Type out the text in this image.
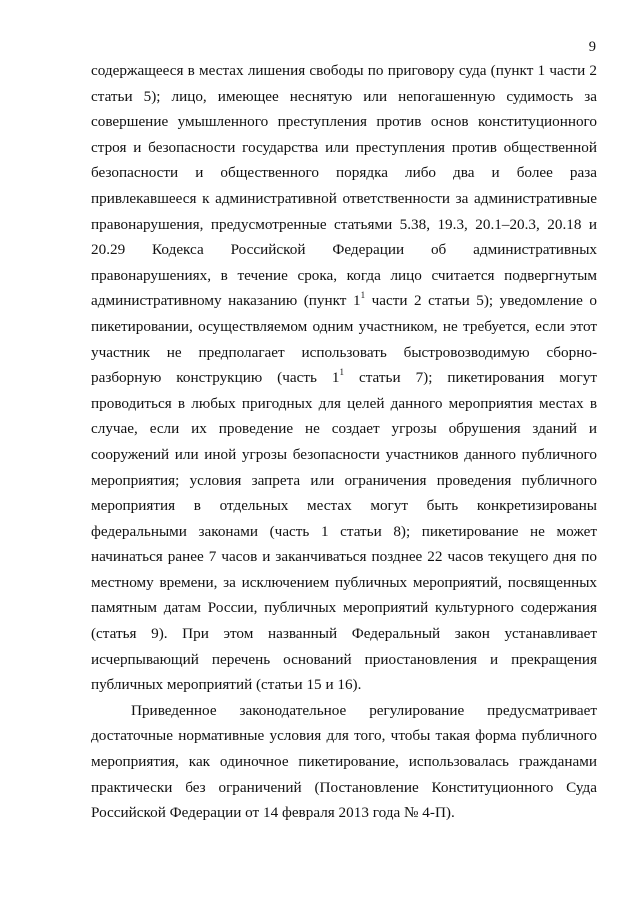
9
содержащееся в местах лишения свободы по приговору суда (пункт 1 части 2
статьи 5); лицо, имеющее неснятую или непогашенную судимость за
совершение умышленного преступления против основ конституционного
строя и безопасности государства или преступления против общественной
безопасности и общественного порядка либо два и более раза
привлекавшееся к административной ответственности за административные
правонарушения, предусмотренные статьями 5.38, 19.3, 20.1–20.3, 20.18 и
20.29 Кодекса Российской Федерации об административных
правонарушениях, в течение срока, когда лицо считается подвергнутым
административному наказанию (пункт $1^1$ части 2 статьи 5); уведомление о
пикетировании, осуществляемом одним участником, не требуется, если этот
участник не предполагает использовать быстровозводимую сборно-
разборную конструкцию (часть $1^1$ статьи 7); пикетирования могут
проводиться в любых пригодных для целей данного мероприятия местах в
случае, если их проведение не создает угрозы обрушения зданий и
сооружений или иной угрозы безопасности участников данного публичного
мероприятия; условия запрета или ограничения проведения публичного
мероприятия в отдельных местах могут быть конкретизированы
федеральными законами (часть 1 статьи 8); пикетирование не может
начинаться ранее 7 часов и заканчиваться позднее 22 часов текущего дня по
местному времени, за исключением публичных мероприятий, посвященных
памятным датам России, публичных мероприятий культурного содержания
(статья 9). При этом названный Федеральный закон устанавливает
исчерпывающий перечень оснований приостановления и прекращения
публичных мероприятий (статьи 15 и 16).
Приведенное законодательное регулирование предусматривает
достаточные нормативные условия для того, чтобы такая форма публичного
мероприятия, как одиночное пикетирование, использовалась гражданами
практически без ограничений (Постановление Конституционного Суда
Российской Федерации от 14 февраля 2013 года № 4-П).
